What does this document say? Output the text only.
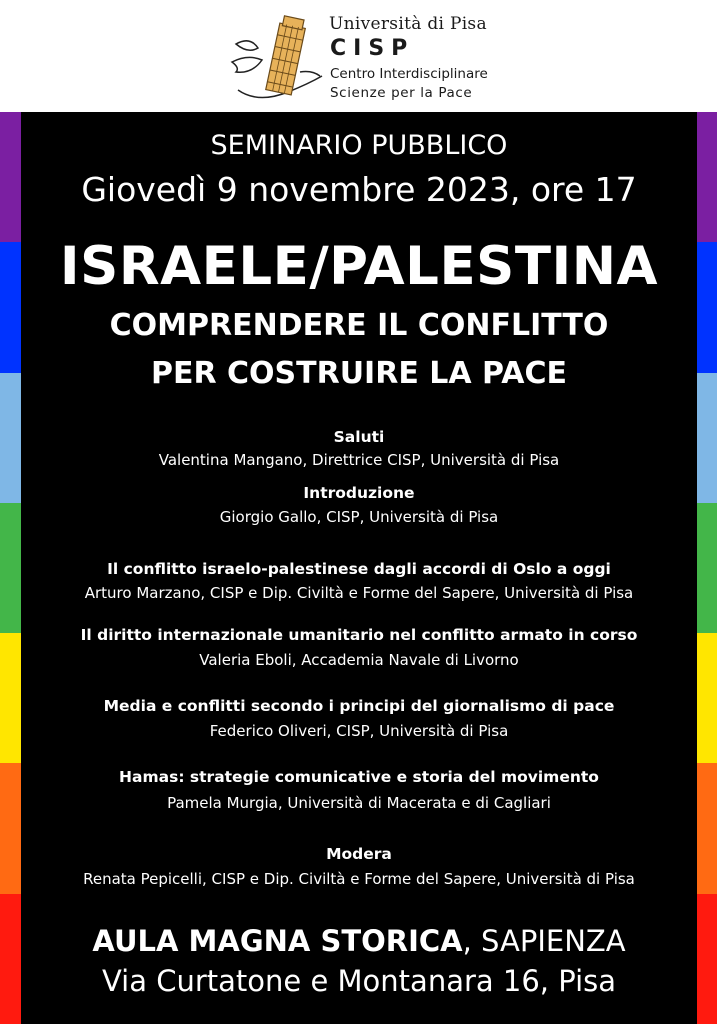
Università di Pisa
CISP
Centro Interdisciplinare
Scienze per la Pace
SEMINARIO PUBBLICO
Giovedì 9 novembre 2023, ore 17
ISRAELE/PALESTINA
COMPRENDERE IL CONFLITTO
PER COSTRUIRE LA PACE
Saluti
Valentina Mangano, Direttrice CISP, Università di Pisa
Introduzione
Giorgio Gallo, CISP, Università di Pisa
Il conflitto israelo-palestinese dagli accordi di Oslo a oggi
Arturo Marzano, CISP e Dip. Civiltà e Forme del Sapere, Università di Pisa
Il diritto internazionale umanitario nel conflitto armato in corso
Valeria Eboli, Accademia Navale di Livorno
Media e conflitti secondo i principi del giornalismo di pace
Federico Oliveri, CISP, Università di Pisa
Hamas: strategie comunicative e storia del movimento
Pamela Murgia, Università di Macerata e di Cagliari
Modera
Renata Pepicelli, CISP e Dip. Civiltà e Forme del Sapere, Università di Pisa
AULA MAGNA STORICA, SAPIENZA
Via Curtatone e Montanara 16, Pisa
